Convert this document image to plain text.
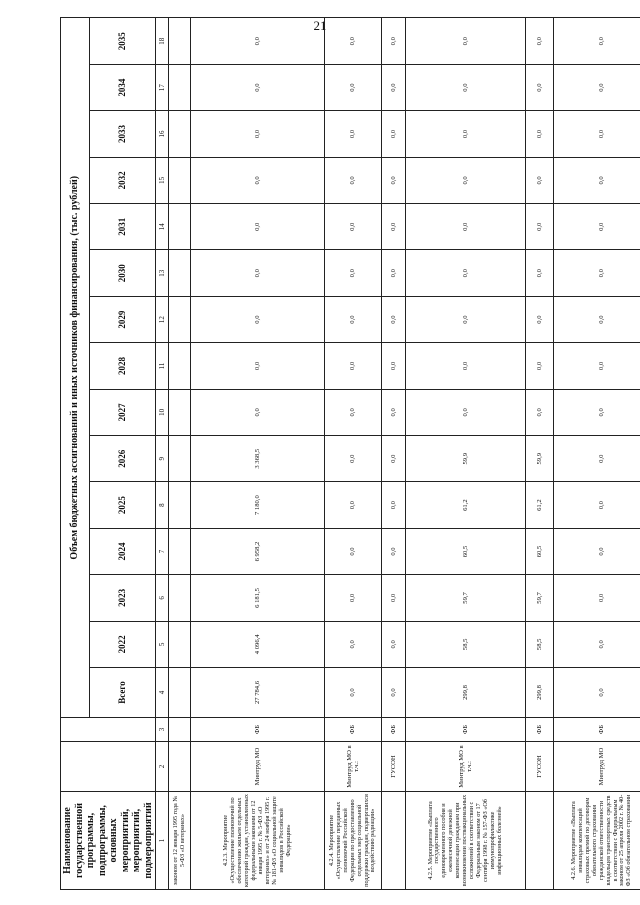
21
Наименование государственной программы, подпрограммы, основных мероприятий, мероприятий, подмероприятий			Объем бюджетных ассигнований и иных источников финансирования, (тыс. рублей)														
			Всего	2022	2023	2024	2025	2026	2027	2028	2029	2030	2031	2032	2033	2034	2035
1	2	3	4	5	6	7	8	9	10	11	12	13	14	15	16	17	18
законом от 12 января 1995 года № 5-ФЗ «О ветеранах»																	
4.2.3. Мероприятие «Осуществление полномочий по обеспечению жильем отдельных категорий граждан, установленных федеральными законами от 12 января 1995 г. № 5-ФЗ «О ветеранах» и от 24 ноября 1995 г. № 181-ФЗ «О социальной защите инвалидов в Российской Федерации»	Минтруд МО	ФБ	27 784,6	4 096,4	6 181,5	6 958,2	7 180,0	3 368,5	0,0	0,0	0,0	0,0	0,0	0,0	0,0	0,0	0,0
4.2.4. Мероприятие «Осуществление переданных полномочий Российской Федерации по предоставлению отдельных мер социальной поддержки граждан, подвергшихся воздействию радиации»	Минтруд МО в т.ч.:	ФБ	0,0	0,0	0,0	0,0	0,0	0,0	0,0	0,0	0,0	0,0	0,0	0,0	0,0	0,0	0,0
	ГУСОН	ФБ	0,0	0,0	0,0	0,0	0,0	0,0	0,0	0,0	0,0	0,0	0,0	0,0	0,0	0,0	0,0
4.2.5. Мероприятие «Выплата государственного единовременного пособия и ежемесячной денежной компенсации гражданам при возникновении поствакцинальных осложнений в соответствии с Федеральным законом от 17 сентября 1998 г. № 157-ФЗ «Об иммунопрофилактике инфекционных болезней»	Минтруд МО в т.ч.:	ФБ	299,8	58,5	59,7	60,5	61,2	59,9	0,0	0,0	0,0	0,0	0,0	0,0	0,0	0,0	0,0
	ГУСОН	ФБ	299,8	58,5	59,7	60,5	61,2	59,9	0,0	0,0	0,0	0,0	0,0	0,0	0,0	0,0	0,0
4.2.6. Мероприятие «Выплата инвалидам компенсаций страховых премий по договорам обязательного страхования гражданской ответственности владельцев транспортных средств в соответствии с Федеральным законом от 25 апреля 2002 г. № 40-ФЗ «Об обязательном страховании	Минтруд МО	ФБ	0,0	0,0	0,0	0,0	0,0	0,0	0,0	0,0	0,0	0,0	0,0	0,0	0,0	0,0	0,0
